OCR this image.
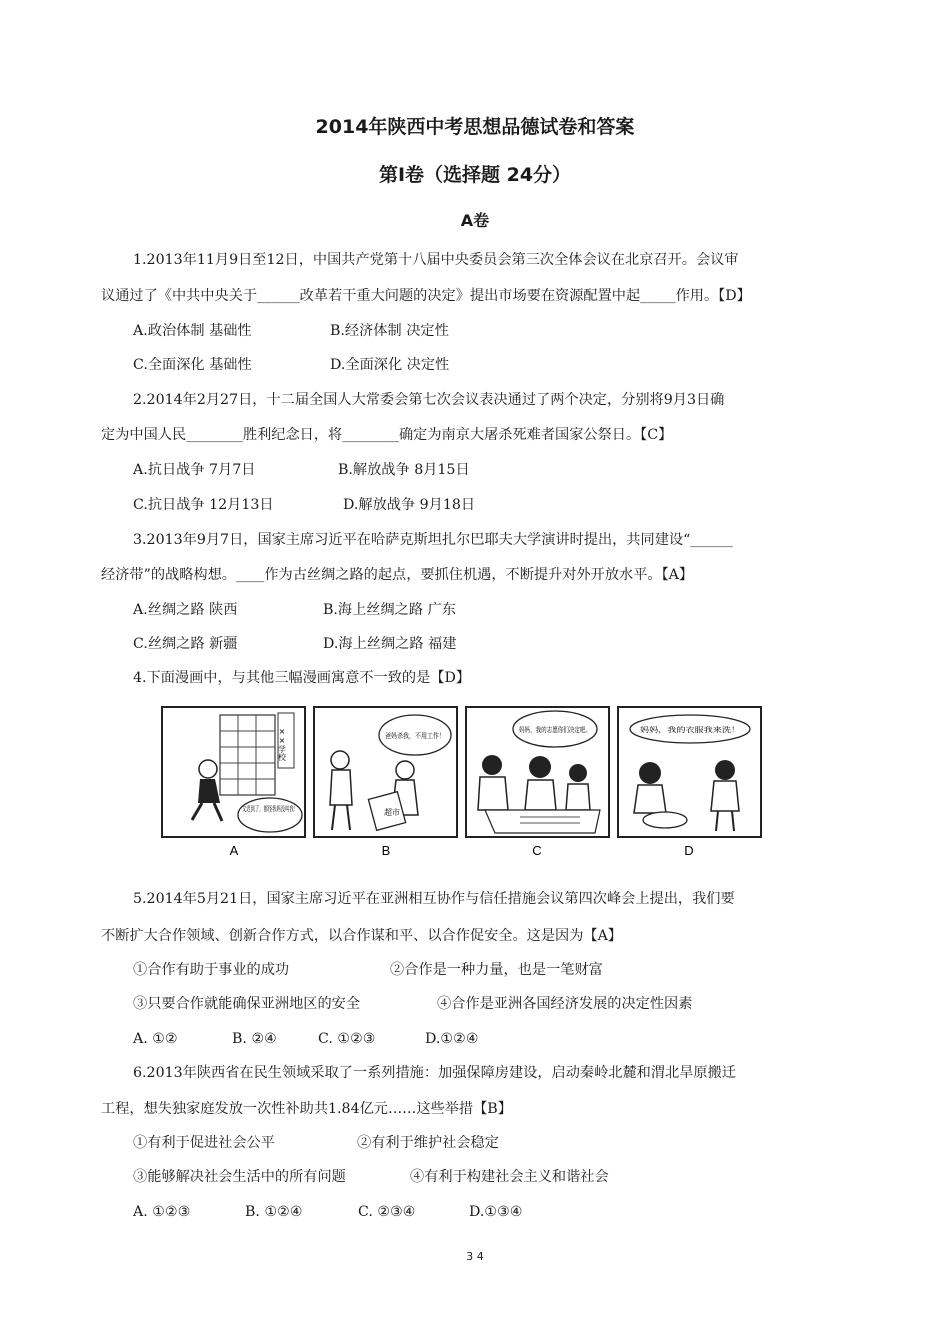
2014年陕西中考思想品德试卷和答案
第Ⅰ卷（选择题 24分）
A卷
1.2013年11月9日至12日，中国共产党第十八届中央委员会第三次全体会议在北京召开。会议审
议通过了《中共中央关于______改革若干重大问题的决定》提出市场要在资源配置中起_____作用。【D】
A.政治体制 基础性	B.经济体制 决定性
C.全面深化 基础性	D.全面深化 决定性
2.2014年2月27日，十二届全国人大常委会第七次会议表决通过了两个决定，分别将9月3日确
定为中国人民________胜利纪念日，将________确定为南京大屠杀死难者国家公祭日。【C】
A.抗日战争 7月7日	B.解放战争 8月15日
C.抗日战争 12月13日	D.解放战争 9月18日
3.2013年9月7日，国家主席习近平在哈萨克斯坦扎尔巴耶夫大学演讲时提出，共同建设“______
经济带”的战略构想。____作为古丝绸之路的起点，要抓住机遇，不断提升对外开放水平。【A】
A.丝绸之路 陕西	B.海上丝绸之路 广东
C.丝绸之路 新疆	D.海上丝绸之路 福建
4.下面漫画中，与其他三幅漫画寓意不一致的是【D】
××学校
又迟到了，都怪我妈没叫我！
爸妈杀我，不用工作！
超市
妈妈，我的志愿你们决定吧。	妈妈，我的衣服我来洗！
A	B	C	D
5.2014年5月21日，国家主席习近平在亚洲相互协作与信任措施会议第四次峰会上提出，我们要
不断扩大合作领域、创新合作方式，以合作谋和平、以合作促安全。这是因为【A】
①合作有助于事业的成功	②合作是一种力量，也是一笔财富
③只要合作就能确保亚洲地区的安全	④合作是亚洲各国经济发展的决定性因素
A. ①②	B. ②④	C. ①②③	D.①②④
6.2013年陕西省在民生领域采取了一系列措施：加强保障房建设，启动秦岭北麓和渭北旱原搬迁
工程，想失独家庭发放一次性补助共1.84亿元……这些举措【B】
①有利于促进社会公平	②有利于维护社会稳定
③能够解决社会生活中的所有问题	④有利于构建社会主义和谐社会
A. ①②③	B. ①②④	C. ②③④	D.①③④
3 4
